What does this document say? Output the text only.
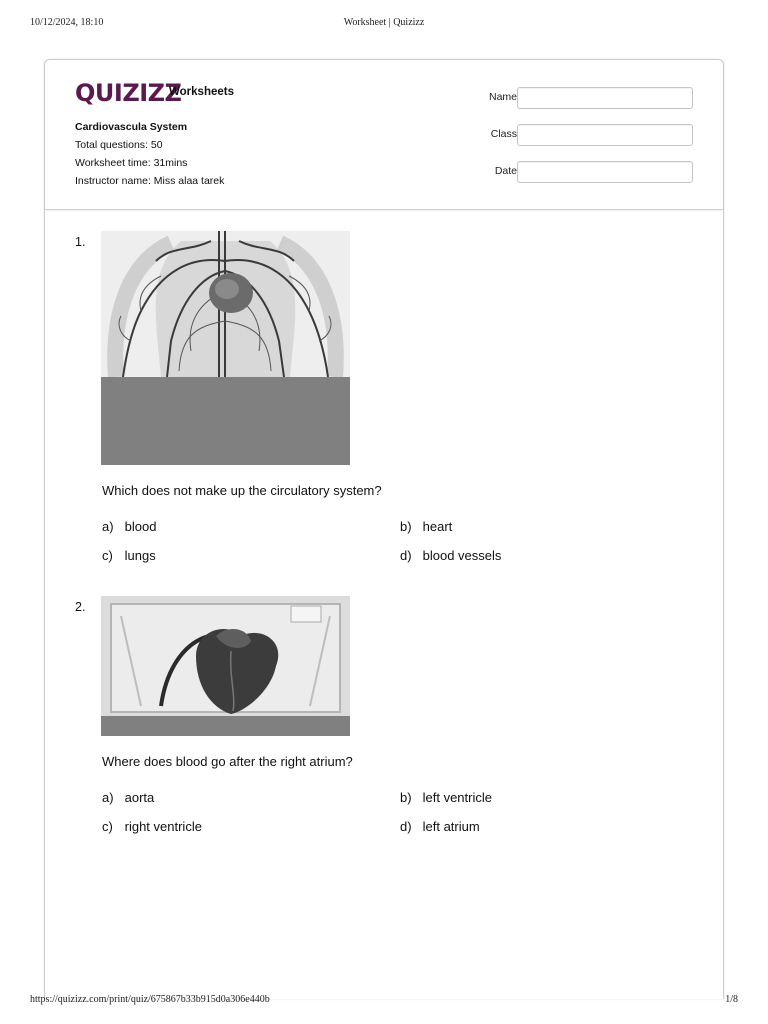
10/12/2024, 18:10	Worksheet | Quizizz
QUIZIZZ
Worksheets
Cardiovascula System
Total questions: 50
Worksheet time: 31mins
Instructor name: Miss alaa tarek
Name
Class
Date
1.
Which does not make up the circulatory system?
a) blood	b) heart
c) lungs	d) blood vessels
2.
Where does blood go after the right atrium?
a) aorta	b) left ventricle
c) right ventricle	d) left atrium
https://quizizz.com/print/quiz/675867b33b915d0a306e440b	1/8
